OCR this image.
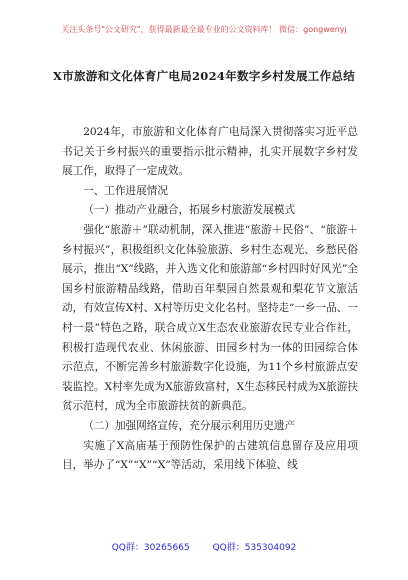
关注头条号"公文研究"，获得最新最全最专业的公文资料库！ 微信：gongwenyj
X市旅游和文化体育广电局2024年数字乡村发展工作总结

2024年，市旅游和文化体育广电局深入贯彻落实习近平总书记关于乡村振兴的重要指示批示精神，扎实开展数字乡村发展工作，取得了一定成效。

一、工作进展情况

（一）推动产业融合，拓展乡村旅游发展模式

强化“旅游＋”联动机制，深入推进“旅游＋民俗”、“旅游＋乡村振兴”，积极组织文化体验旅游、乡村生态观光、乡愁民俗展示，推出“X”线路，并入选文化和旅游部“乡村四时好风光”全国乡村旅游精品线路，借助百年梨园自然景观和梨花节文旅活动，有效宣传X村、X村等历史文化名村。坚持走“一乡一品、一村一景”特色之路，联合成立X生态农业旅游农民专业合作社，积极打造现代农业、休闲旅游、田园乡村为一体的田园综合体示范点，不断完善乡村旅游数字化设施，为11个乡村旅游点安装监控。X村率先成为X旅游致富村，X生态移民村成为X旅游扶贫示范村，成为全市旅游扶贫的新典范。

（二）加强网络宣传，充分展示利用历史遗产

实施了X高庙基于预防性保护的古建筑信息留存及应用项目，举办了“X”“X”“X”等活动，采用线下体验、线

QQ群：30265665	QQ群：535304092
